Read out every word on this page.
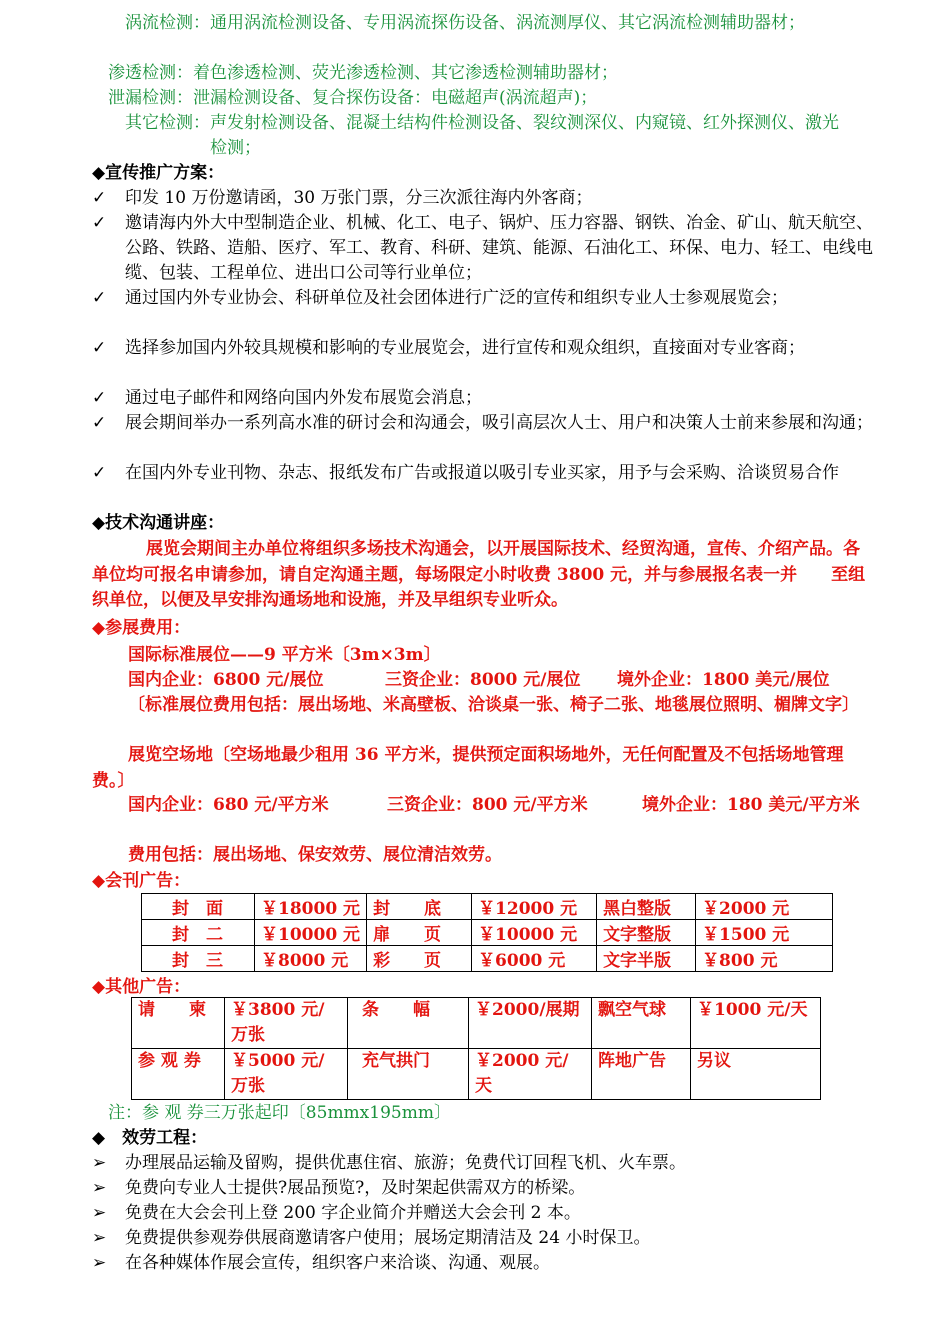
涡流检测： 通用涡流检测设备、专用涡流探伤设备、涡流测厚仪、其它涡流检测辅助器材；
渗透检测： 着色渗透检测、荧光渗透检测、其它渗透检测辅助器材；
泄漏检测： 泄漏检测设备、复合探伤设备：电磁超声(涡流超声)；
其它检测： 声发射检测设备、混凝土结构件检测设备、裂纹测深仪、内窥镜、红外探测仪、激光检测；
◆宣传推广方案：
✓	印发 10 万份邀请函，30 万张门票，分三次派往海内外客商；
✓	邀请海内外大中型制造企业、机械、化工、电子、锅炉、压力容器、钢铁、冶金、矿山、航天航空、公路、铁路、造船、医疗、军工、教育、科研、建筑、能源、石油化工、环保、电力、轻工、电线电缆、包装、工程单位、进出口公司等行业单位；
✓	通过国内外专业协会、科研单位及社会团体进行广泛的宣传和组织专业人士参观展览会；
✓	选择参加国内外较具规模和影响的专业展览会，进行宣传和观众组织，直接面对专业客商；
✓	通过电子邮件和网络向国内外发布展览会消息；
✓	展会期间举办一系列高水准的研讨会和沟通会，吸引高层次人士、用户和决策人士前来参展和沟通；
✓	在国内外专业刊物、杂志、报纸发布广告或报道以吸引专业买家，用予与会采购、洽谈贸易合作
◆技术沟通讲座：
展览会期间主办单位将组织多场技术沟通会，以开展国际技术、经贸沟通，宣传、介绍产品。各单位均可报名申请参加，请自定沟通主题，每场限定小时收费 3800 元，并与参展报名表一并　　至组织单位，以便及早安排沟通场地和设施，并及早组织专业听众。
◆参展费用：
国际标准展位——9 平方米〔3m×3m〕
国内企业：6800 元/展位	三资企业：8000 元/展位 境外企业：1800 美元/展位
〔标准展位费用包括：展出场地、米高壁板、洽谈桌一张、椅子二张、地毯展位照明、楣牌文字〕
展览空场地〔空场地最少租用 36 平方米，提供预定面积场地外，无任何配置及不包括场地管理费。〕
国内企业：680 元/平方米	三资企业：800 元/平方米	境外企业：180 美元/平方米
费用包括：展出场地、保安效劳、展位清洁效劳。
◆会刊广告：
封　面	￥18000 元	封　　底	￥12000 元	黑白整版	￥2000 元
封　二	￥10000 元	扉　　页	￥10000 元	文字整版	￥1500 元
封　三	￥8000 元	彩　　页	￥6000 元	文字半版	￥800 元
◆其他广告：
请　　柬	￥3800 元/万张	条　　幅	￥2000/展期	飘空气球	￥1000 元/天
参 观 券	￥5000 元/万张	充气拱门	￥2000 元/天	阵地广告	另议
注：参 观 券三万张起印〔85mmx195mm〕
◆　效劳工程：
➢	办理展品运输及留购，提供优惠住宿、旅游；免费代订回程飞机、火车票。
➢	免费向专业人士提供?展品预览?，及时架起供需双方的桥梁。
➢	免费在大会会刊上登 200 字企业简介并赠送大会会刊 2 本。
➢	免费提供参观券供展商邀请客户使用；展场定期清洁及 24 小时保卫。
➢	在各种媒体作展会宣传，组织客户来洽谈、沟通、观展。
